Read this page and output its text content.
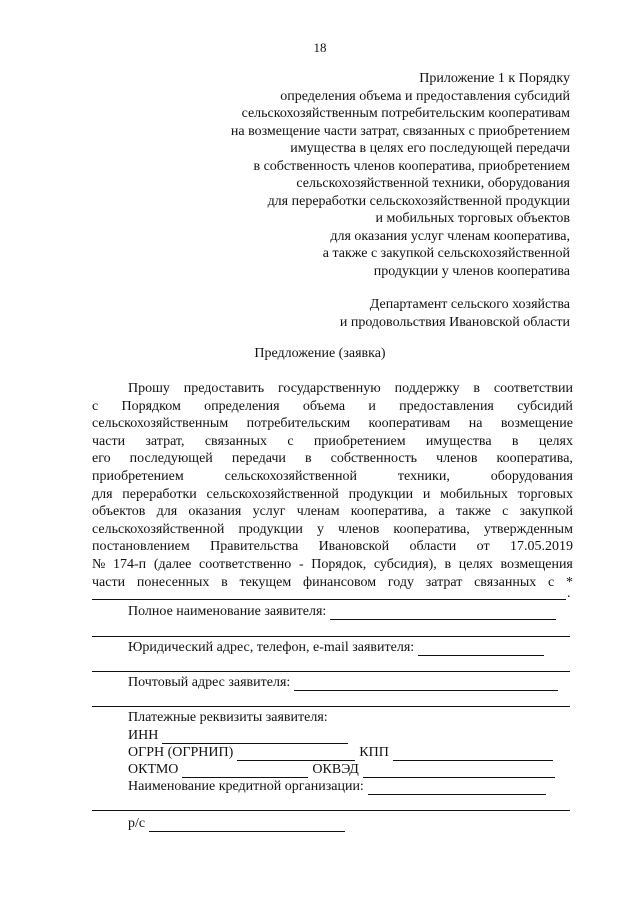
18
Приложение 1 к Порядку
определения объема и предоставления субсидий
сельскохозяйственным потребительским кооперативам
на возмещение части затрат, связанных с приобретением
имущества в целях его последующей передачи
в собственность членов кооператива, приобретением
сельскохозяйственной техники, оборудования
для переработки сельскохозяйственной продукции
и мобильных торговых объектов
для оказания услуг членам кооператива,
а также с закупкой сельскохозяйственной
продукции у членов кооператива
Департамент сельского хозяйства
и продовольствия Ивановской области
Предложение (заявка)
Прошу предоставить государственную поддержку в соответствии
с Порядком определения объема и предоставления субсидий
сельскохозяйственным потребительским кооперативам на возмещение
части затрат, связанных с приобретением имущества в целях
его последующей передачи в собственность членов кооператива,
приобретением	сельскохозяйственной	техники,	оборудования
для переработки сельскохозяйственной продукции и мобильных торговых
объектов для оказания услуг членам кооператива, а также с закупкой
сельскохозяйственной продукции у членов кооператива, утвержденным
постановлением Правительства Ивановской области от 17.05.2019
№ 174-п (далее соответственно - Порядок, субсидия), в целях возмещения
части понесенных в текущем финансовом году затрат связанных с *
.
Полное наименование заявителя:
Юридический адрес, телефон, e-mail заявителя:
Почтовый адрес заявителя:
Платежные реквизиты заявителя:
ИНН
ОГРН (ОГРНИП)	КПП
ОКТМО	ОКВЭД
Наименование кредитной организации:
р/с
